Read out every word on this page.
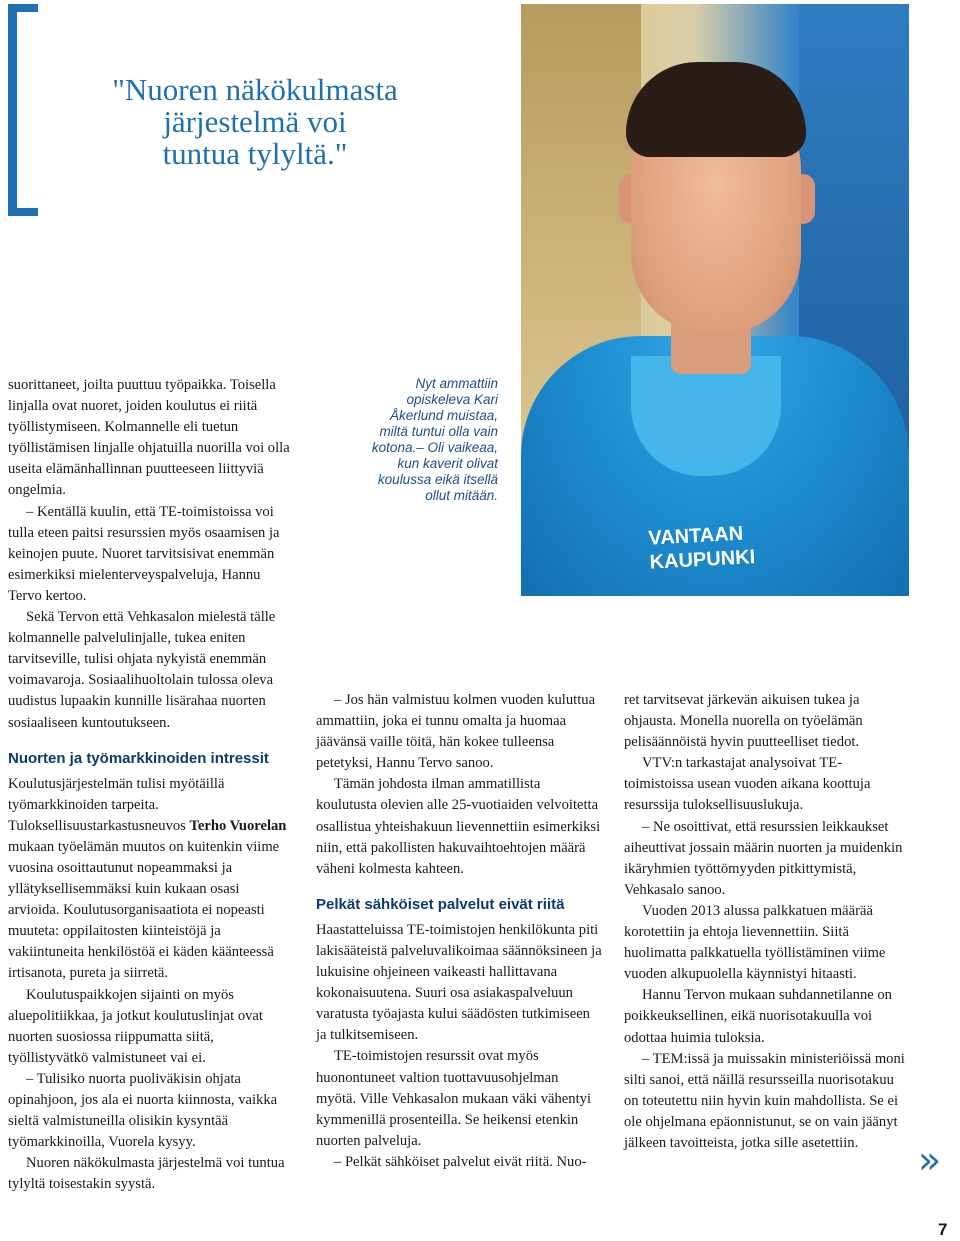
"Nuoren näkökulmasta
järjestelmä voi
tuntua tylyltä."

VANTAAN
KAUPUNKI

Nyt ammattiin opiskeleva Kari Åkerlund muistaa, miltä tuntui olla vain kotona.– Oli vaikeaa, kun kaverit olivat koulussa eikä itsellä ollut mitään.

suorittaneet, joilta puuttuu työpaikka. Toisella linjalla ovat nuoret, joiden koulutus ei riitä työllistymiseen. Kolmannelle eli tuetun työllistämisen linjalle ohjatuilla nuorilla voi olla useita elämänhallinnan puutteeseen liittyviä ongelmia.

– Kentällä kuulin, että TE-toimistoissa voi tulla eteen paitsi resurssien myös osaamisen ja keinojen puute. Nuoret tarvitsisivat enemmän esimerkiksi mielenterveyspalveluja, Hannu Tervo kertoo.

Sekä Tervon että Vehkasalon mielestä tälle kolmannelle palvelulinjalle, tukea eniten tarvitseville, tulisi ohjata nykyistä enemmän voimavaroja. Sosiaalihuoltolain tulossa oleva uudistus lupaakin kunnille lisärahaa nuorten sosiaaliseen kuntoutukseen.

Nuorten ja työmarkkinoiden intressit

Koulutusjärjestelmän tulisi myötäillä työmarkkinoiden tarpeita. Tuloksellisuustarkastusneuvos Terho Vuorelan mukaan työelämän muutos on kuitenkin viime vuosina osoittautunut nopeammaksi ja yllätyksellisemmäksi kuin kukaan osasi arvioida. Koulutusorganisaatiota ei nopeasti muuteta: oppilaitosten kiinteistöjä ja vakiintuneita henkilöstöä ei käden käänteessä irtisanota, pureta ja siirretä.

Koulutuspaikkojen sijainti on myös aluepolitiikkaa, ja jotkut koulutuslinjat ovat nuorten suosiossa riippumatta siitä, työllistyvätkö valmistuneet vai ei.

– Tulisiko nuorta puoliväkisin ohjata opinahjoon, jos ala ei nuorta kiinnosta, vaikka sieltä valmistuneilla olisikin kysyntää työmarkkinoilla, Vuorela kysyy.

Nuoren näkökulmasta järjestelmä voi tuntua tylyltä toisestakin syystä.

– Jos hän valmistuu kolmen vuoden kuluttua ammattiin, joka ei tunnu omalta ja huomaa jäävänsä vaille töitä, hän kokee tulleensa petetyksi, Hannu Tervo sanoo.

Tämän johdosta ilman ammatillista koulutusta olevien alle 25-vuotiaiden velvoitetta osallistua yhteishakuun lievennettiin esimerkiksi niin, että pakollisten hakuvaihtoehtojen määrä väheni kolmesta kahteen.

Pelkät sähköiset palvelut eivät riitä

Haastatteluissa TE-toimistojen henkilökunta piti lakisääteistä palveluvalikoimaa säännöksineen ja lukuisine ohjeineen vaikeasti hallittavana kokonaisuutena. Suuri osa asiakaspalveluun varatusta työajasta kului säädösten tutkimiseen ja tulkitsemiseen.

TE-toimistojen resurssit ovat myös huonontuneet valtion tuottavuusohjelman myötä. Ville Vehkasalon mukaan väki vähentyi kymmenillä prosenteilla. Se heikensi etenkin nuorten palveluja.

– Pelkät sähköiset palvelut eivät riitä. Nuo-

ret tarvitsevat järkevän aikuisen tukea ja ohjausta. Monella nuorella on työelämän pelisäännöistä hyvin puutteelliset tiedot.

VTV:n tarkastajat analysoivat TE-toimistoissa usean vuoden aikana koottuja resurssija tuloksellisuuslukuja.

– Ne osoittivat, että resurssien leikkaukset aiheuttivat jossain määrin nuorten ja muidenkin ikäryhmien työttömyyden pitkittymistä, Vehkasalo sanoo.

Vuoden 2013 alussa palkkatuen määrää korotettiin ja ehtoja lievennettiin. Siitä huolimatta palkkatuella työllistäminen viime vuoden alkupuolella käynnistyi hitaasti.

Hannu Tervon mukaan suhdannetilanne on poikkeuksellinen, eikä nuorisotakuulla voi odottaa huimia tuloksia.

– TEM:issä ja muissakin ministeriöissä moni silti sanoi, että näillä resursseilla nuorisotakuu on toteutettu niin hyvin kuin mahdollista. Se ei ole ohjelmana epäonnistunut, se on vain jäänyt jälkeen tavoitteista, jotka sille asetettiin.	»
7
